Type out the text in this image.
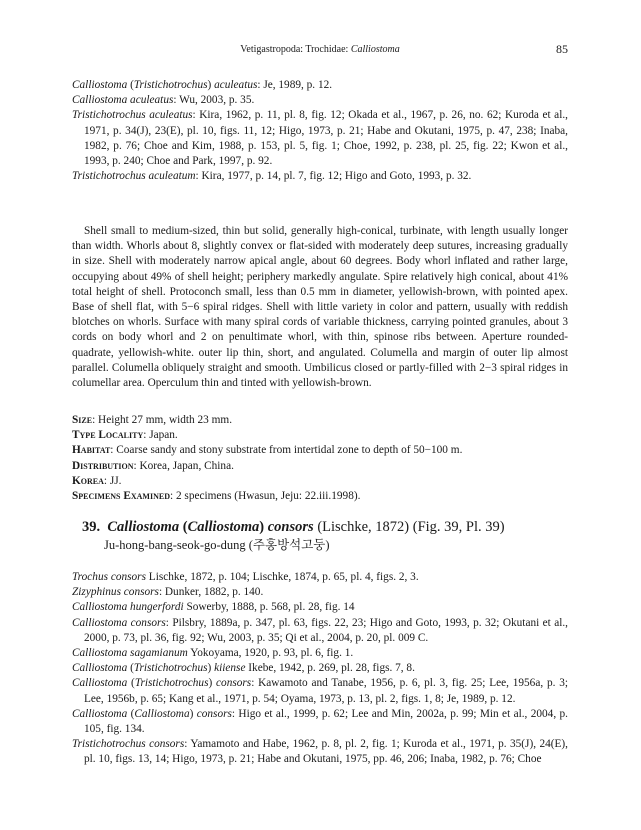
Vetigastropoda: Trochidae: Calliostoma	85

Calliostoma (Tristichotrochus) aculeatus: Je, 1989, p. 12.

Calliostoma aculeatus: Wu, 2003, p. 35.

Tristichotrochus aculeatus: Kira, 1962, p. 11, pl. 8, fig. 12; Okada et al., 1967, p. 26, no. 62; Kuroda et al., 1971, p. 34(J), 23(E), pl. 10, figs. 11, 12; Higo, 1973, p. 21; Habe and Okutani, 1975, p. 47, 238; Inaba, 1982, p. 76; Choe and Kim, 1988, p. 153, pl. 5, fig. 1; Choe, 1992, p. 238, pl. 25, fig. 22; Kwon et al., 1993, p. 240; Choe and Park, 1997, p. 92.

Tristichotrochus aculeatum: Kira, 1977, p. 14, pl. 7, fig. 12; Higo and Goto, 1993, p. 32.

Shell small to medium-sized, thin but solid, generally high-conical, turbinate, with length usually longer than width. Whorls about 8, slightly convex or flat-sided with moderately deep sutures, increasing gradually in size. Shell with moderately narrow apical angle, about 60 degrees. Body whorl inflated and rather large, occupying about 49% of shell height; periphery markedly angulate. Spire relatively high conical, about 41% total height of shell. Protoconch small, less than 0.5 mm in diameter, yellowish-brown, with pointed apex. Base of shell flat, with 5−6 spiral ridges. Shell with little variety in color and pattern, usually with reddish blotches on whorls. Surface with many spiral cords of variable thickness, carrying pointed granules, about 3 cords on body whorl and 2 on penultimate whorl, with thin, spinose ribs between. Aperture rounded-quadrate, yellowish-white. outer lip thin, short, and angulated. Columella and margin of outer lip almost parallel. Columella obliquely straight and smooth. Umbilicus closed or partly-filled with 2−3 spiral ridges in columellar area. Operculum thin and tinted with yellowish-brown.

Size: Height 27 mm, width 23 mm.

Type Locality: Japan.

Habitat: Coarse sandy and stony substrate from intertidal zone to depth of 50−100 m.

Distribution: Korea, Japan, China.

Korea: JJ.

Specimens Examined: 2 specimens (Hwasun, Jeju: 22.iii.1998).

39. Calliostoma (Calliostoma) consors (Lischke, 1872) (Fig. 39, Pl. 39)
Ju-hong-bang-seok-go-dung (주홍방석고둥)

Trochus consors Lischke, 1872, p. 104; Lischke, 1874, p. 65, pl. 4, figs. 2, 3.

Zizyphinus consors: Dunker, 1882, p. 140.

Calliostoma hungerfordi Sowerby, 1888, p. 568, pl. 28, fig. 14

Calliostoma consors: Pilsbry, 1889a, p. 347, pl. 63, figs. 22, 23; Higo and Goto, 1993, p. 32; Okutani et al., 2000, p. 73, pl. 36, fig. 92; Wu, 2003, p. 35; Qi et al., 2004, p. 20, pl. 009 C.

Calliostoma sagamianum Yokoyama, 1920, p. 93, pl. 6, fig. 1.

Calliostoma (Tristichotrochus) kiiense Ikebe, 1942, p. 269, pl. 28, figs. 7, 8.

Calliostoma (Tristichotrochus) consors: Kawamoto and Tanabe, 1956, p. 6, pl. 3, fig. 25; Lee, 1956a, p. 3; Lee, 1956b, p. 65; Kang et al., 1971, p. 54; Oyama, 1973, p. 13, pl. 2, figs. 1, 8; Je, 1989, p. 12.

Calliostoma (Calliostoma) consors: Higo et al., 1999, p. 62; Lee and Min, 2002a, p. 99; Min et al., 2004, p. 105, fig. 134.

Tristichotrochus consors: Yamamoto and Habe, 1962, p. 8, pl. 2, fig. 1; Kuroda et al., 1971, p. 35(J), 24(E), pl. 10, figs. 13, 14; Higo, 1973, p. 21; Habe and Okutani, 1975, pp. 46, 206; Inaba, 1982, p. 76; Choe
